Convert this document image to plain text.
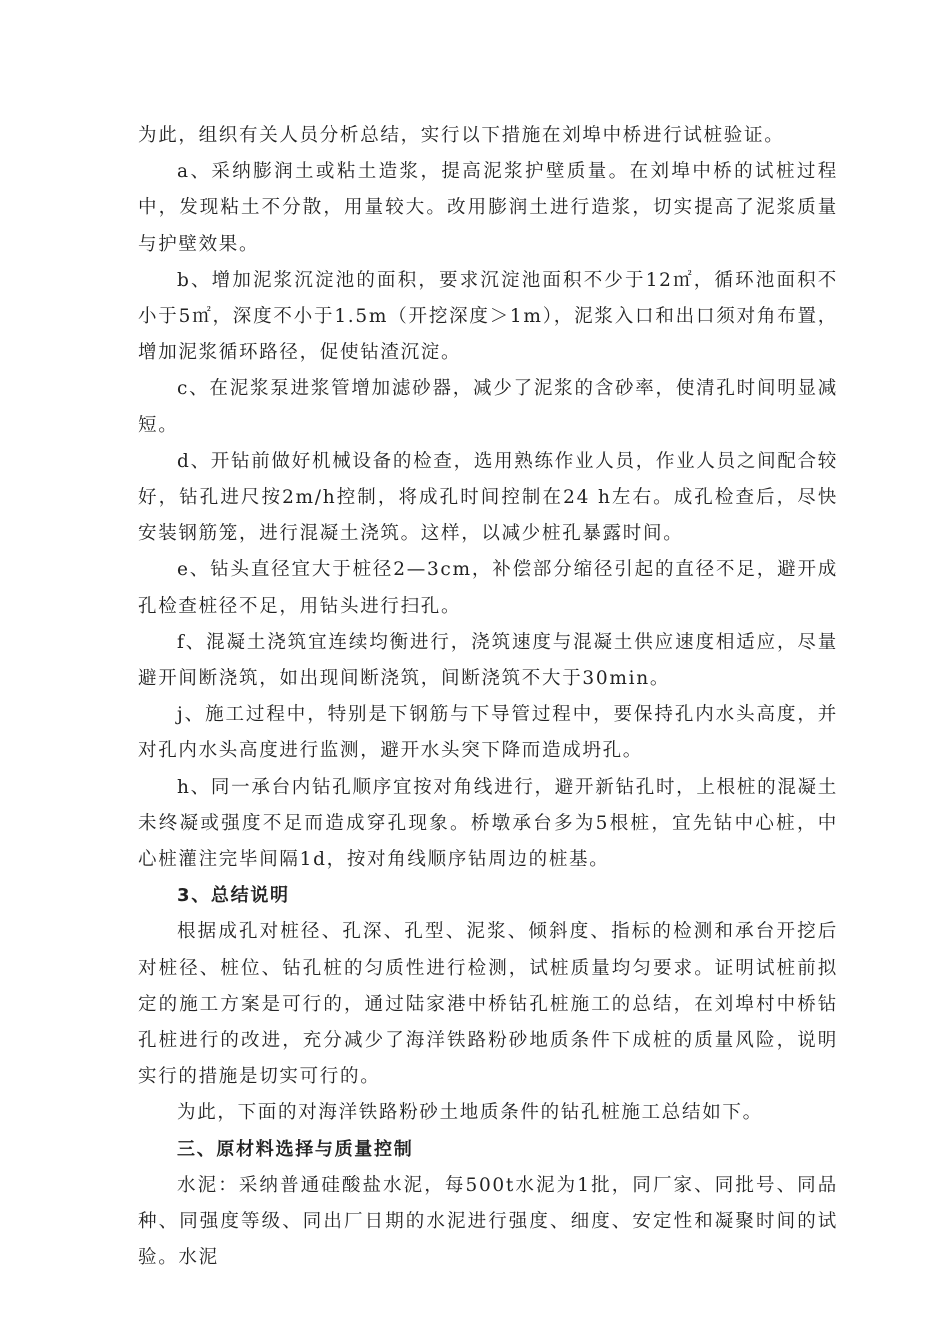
为此，组织有关人员分析总结，实行以下措施在刘埠中桥进行试桩验证。

a、采纳膨润土或粘土造浆，提高泥浆护壁质量。在刘埠中桥的试桩过程中，发现粘土不分散，用量较大。改用膨润土进行造浆，切实提高了泥浆质量与护壁效果。

b、增加泥浆沉淀池的面积，要求沉淀池面积不少于12㎡，循环池面积不小于5㎡，深度不小于1.5m（开挖深度＞1m），泥浆入口和出口须对角布置，增加泥浆循环路径，促使钻渣沉淀。

c、在泥浆泵进浆管增加滤砂器，减少了泥浆的含砂率，使清孔时间明显减短。

d、开钻前做好机械设备的检查，选用熟练作业人员，作业人员之间配合较好，钻孔进尺按2m/h控制，将成孔时间控制在24 h左右。成孔检查后，尽快安装钢筋笼，进行混凝土浇筑。这样，以减少桩孔暴露时间。

e、钻头直径宜大于桩径2—3cm，补偿部分缩径引起的直径不足，避开成孔检查桩径不足，用钻头进行扫孔。

f、混凝土浇筑宜连续均衡进行，浇筑速度与混凝土供应速度相适应，尽量避开间断浇筑，如出现间断浇筑，间断浇筑不大于30min。

j、施工过程中，特别是下钢筋与下导管过程中，要保持孔内水头高度，并对孔内水头高度进行监测，避开水头突下降而造成坍孔。

h、同一承台内钻孔顺序宜按对角线进行，避开新钻孔时，上根桩的混凝土未终凝或强度不足而造成穿孔现象。桥墩承台多为5根桩，宜先钻中心桩，中心桩灌注完毕间隔1d，按对角线顺序钻周边的桩基。

3、总结说明

根据成孔对桩径、孔深、孔型、泥浆、倾斜度、指标的检测和承台开挖后对桩径、桩位、钻孔桩的匀质性进行检测，试桩质量均匀要求。证明试桩前拟定的施工方案是可行的，通过陆家港中桥钻孔桩施工的总结，在刘埠村中桥钻孔桩进行的改进，充分减少了海洋铁路粉砂地质条件下成桩的质量风险，说明实行的措施是切实可行的。

为此，下面的对海洋铁路粉砂土地质条件的钻孔桩施工总结如下。

三、原材料选择与质量控制

水泥：采纳普通硅酸盐水泥，每500t水泥为1批，同厂家、同批号、同品种、同强度等级、同出厂日期的水泥进行强度、细度、安定性和凝聚时间的试验。水泥
